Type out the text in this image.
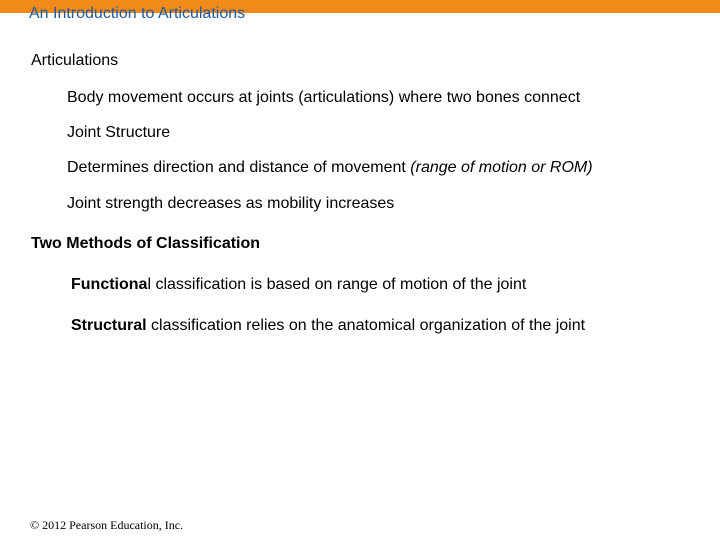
An Introduction to Articulations
Articulations
Body movement occurs at joints (articulations) where two bones connect
Joint Structure
Determines direction and distance of movement (range of motion or ROM)
Joint strength decreases as mobility increases
Two Methods of Classification
Functional classification is based on range of motion of the joint
Structural classification relies on the anatomical organization of the joint
© 2012 Pearson Education, Inc.
